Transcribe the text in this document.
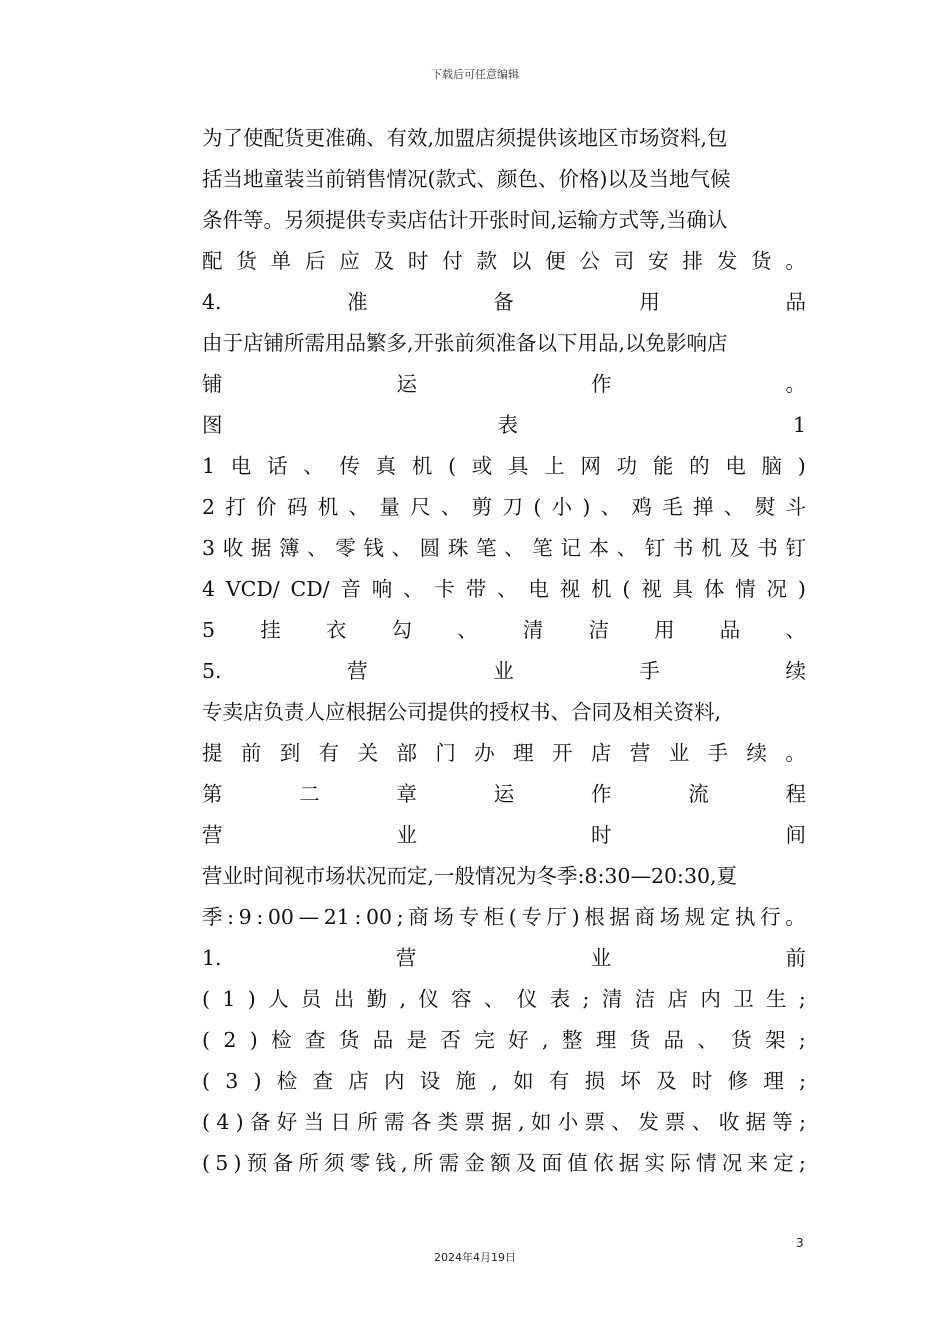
下载后可任意编辑
为了使配货更准确、有效,加盟店须提供该地区市场资料,包
括当地童装当前销售情况(款式、颜色、价格)以及当地气候
条件等。另须提供专卖店估计开张时间,运输方式等,当确认
配 货 单 后 应 及 时 付 款 以 便 公 司 安 排 发 货 。
4.	准	备	用	品
由于店铺所需用品繁多,开张前须准备以下用品,以免影响店
铺	运	作	。
图	表	1
1 电 话 、 传 真 机 ( 或 具 上 网 功 能 的 电 脑 )
2 打 价 码 机 、 量 尺 、 剪 刀 ( 小 ) 、 鸡 毛 掸 、 熨 斗
3 收 据 簿 、 零 钱 、 圆 珠 笔 、 笔 记 本 、 钉 书 机 及 书 钉
4 VCD/ CD/ 音 响 、 卡 带 、 电 视 机 ( 视 具 体 情 况 )
5 挂 衣 勾 、 清 洁 用 品 、
5.	营	业	手	续
专卖店负责人应根据公司提供的授权书、合同及相关资料,
提 前 到 有 关 部 门 办 理 开 店 营 业 手 续 。
第	二	章	运	作	流	程
营	业	时	间
营业时间视市场状况而定,一般情况为冬季:8:30—20:30,夏
季 : 9 : 00 — 21 : 00 ; 商 场 专 柜 ( 专 厅 ) 根 据 商 场 规 定 执 行 。
1.	营	业	前
( 1 ) 人 员 出 勤 , 仪 容 、 仪 表 ; 清 洁 店 内 卫 生 ;
( 2 ) 检 查 货 品 是 否 完 好 , 整 理 货 品 、 货 架 ;
( 3 ) 检 查 店 内 设 施 , 如 有 损 坏 及 时 修 理 ;
( 4 ) 备 好 当 日 所 需 各 类 票 据 , 如 小 票 、 发 票 、 收 据 等 ;
( 5 ) 预 备 所 须 零 钱 , 所 需 金 额 及 面 值 依 据 实 际 情 况 来 定 ;
3
2024年4月19日
